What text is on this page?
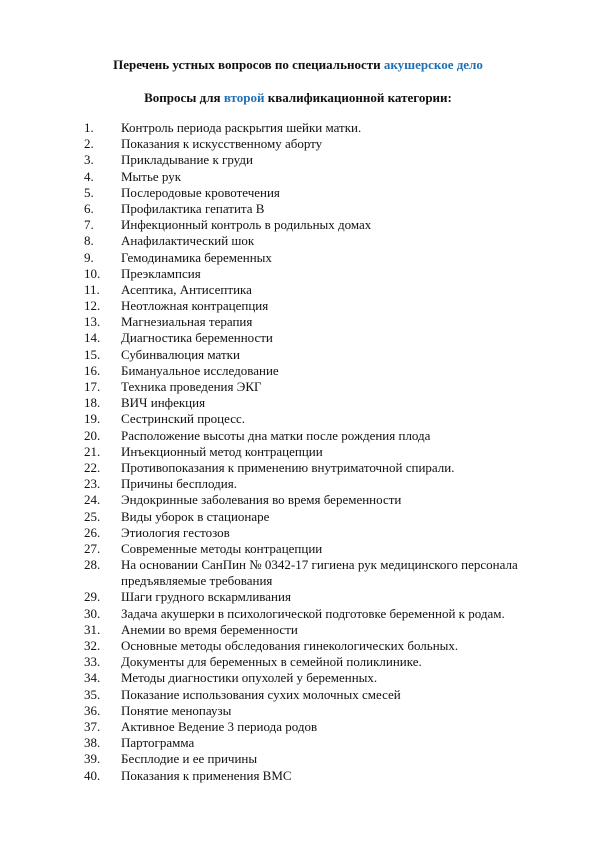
Перечень устных вопросов по специальности акушерское дело
Вопросы для второй квалификационной категории:
1.	Контроль периода раскрытия шейки матки.
2.	Показания к искусственному аборту
3.	Прикладывание к груди
4.	Мытье рук
5.	Послеродовые кровотечения
6.	Профилактика гепатита В
7.	Инфекционный контроль в родильных домах
8.	Анафилактический шок
9.	Гемодинамика беременных
10.	Преэклампсия
11.	Асептика, Антисептика
12.	Неотложная контрацепция
13.	Магнезиальная терапия
14.	Диагностика беременности
15.	Субинвалюция матки
16.	Бимануальное исследование
17.	Техника проведения ЭКГ
18.	ВИЧ инфекция
19.	Сестринский процесс.
20.	Расположение высоты дна матки после рождения плода
21.	Инъекционный метод контрацепции
22.	Противопоказания к применению внутриматочной спирали.
23.	Причины бесплодия.
24.	Эндокринные заболевания во время беременности
25.	Виды уборок в стационаре
26.	Этиология гестозов
27.	Современные методы контрацепции
28.	На основании СанПин № 0342-17 гигиена рук медицинского персонала предъявляемые требования
29.	Шаги грудного вскармливания
30.	Задача акушерки в психологической подготовке беременной к родам.
31.	Анемии во время беременности
32.	Основные методы обследования гинекологических больных.
33.	Документы для беременных в семейной поликлинике.
34.	Методы диагностики опухолей у беременных.
35.	Показание использования сухих молочных смесей
36.	Понятие менопаузы
37.	Активное Ведение 3 периода родов
38.	Партограмма
39.	Бесплодие и ее причины
40.	Показания к применения ВМС
